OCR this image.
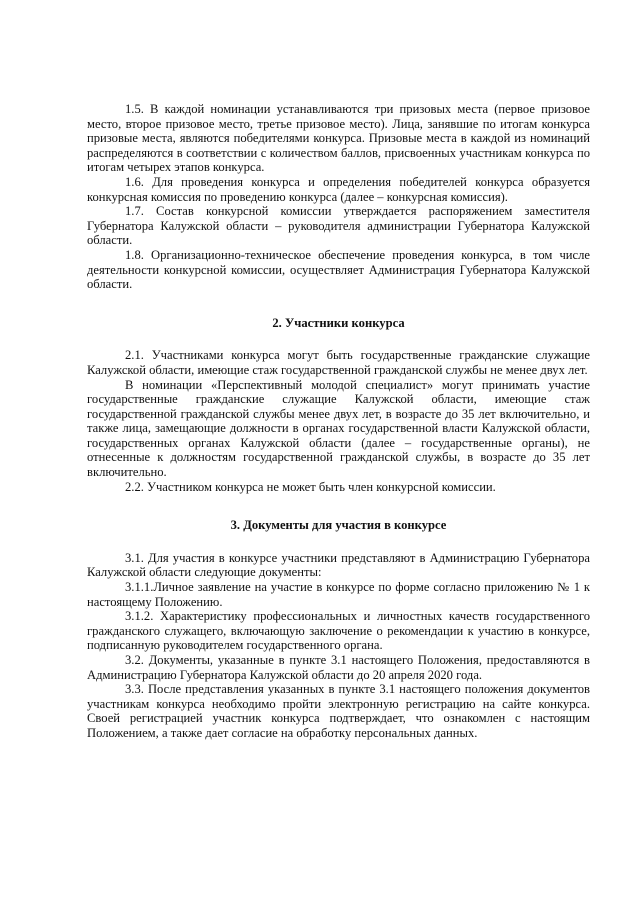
1.5. В каждой номинации устанавливаются три призовых места (первое призовое место, второе призовое место, третье призовое место). Лица, занявшие по итогам конкурса призовые места, являются победителями конкурса. Призовые места в каждой из номинаций распределяются в соответствии с количеством баллов, присвоенных участникам конкурса по итогам четырех этапов конкурса.

1.6. Для проведения конкурса и определения победителей конкурса образуется конкурсная комиссия по проведению конкурса (далее – конкурсная комиссия).

1.7. Состав конкурсной комиссии утверждается распоряжением заместителя Губернатора Калужской области – руководителя администрации Губернатора Калужской области.

1.8. Организационно-техническое обеспечение проведения конкурса, в том числе деятельности конкурсной комиссии, осуществляет Администрация Губернатора Калужской области.

2. Участники конкурса

2.1. Участниками конкурса могут быть государственные гражданские служащие Калужской области, имеющие стаж государственной гражданской службы не менее двух лет.

В номинации «Перспективный молодой специалист» могут принимать участие государственные гражданские служащие Калужской области, имеющие стаж государственной гражданской службы менее двух лет, в возрасте до 35 лет включительно, и также лица, замещающие должности в органах государственной власти Калужской области, государственных органах Калужской области (далее – государственные органы), не отнесенные к должностям государственной гражданской службы, в возрасте до 35 лет включительно.

2.2. Участником конкурса не может быть член конкурсной комиссии.

3. Документы для участия в конкурсе

3.1. Для участия в конкурсе участники представляют в Администрацию Губернатора Калужской области следующие документы:

3.1.1.Личное заявление на участие в конкурсе по форме согласно приложению № 1 к настоящему Положению.

3.1.2. Характеристику профессиональных и личностных качеств государственного гражданского служащего, включающую заключение о рекомендации к участию в конкурсе, подписанную руководителем государственного органа.

3.2. Документы, указанные в пункте 3.1 настоящего Положения, предоставляются в Администрацию Губернатора Калужской области до 20 апреля 2020 года.

3.3. После представления указанных в пункте 3.1 настоящего положения документов участникам конкурса необходимо пройти электронную регистрацию на сайте конкурса. Своей регистрацией участник конкурса подтверждает, что ознакомлен с настоящим Положением, а также дает согласие на обработку персональных данных.
